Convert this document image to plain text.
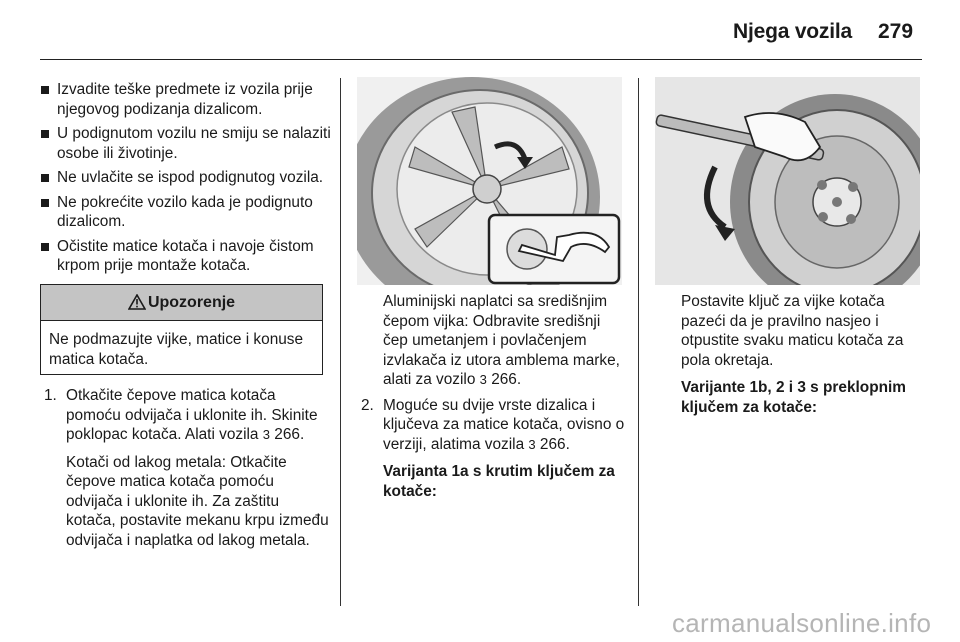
Njega vozila 279
Izvadite teške predmete iz vozila prije njegovog podizanja dizalicom.
U podignutom vozilu ne smiju se nalaziti osobe ili životinje.
Ne uvlačite se ispod podignutog vozila.
Ne pokrećite vozilo kada je podignuto dizalicom.
Očistite matice kotača i navoje čistom krpom prije montaže kotača.
Upozorenje
Ne podmazujte vijke, matice i konuse matica kotača.
1. Otkačite čepove matica kotača pomoću odvijača i uklonite ih. Skinite poklopac kotača. Alati vozila 3 266.

Kotači od lakog metala: Otkačite čepove matica kotača pomoću odvijača i uklonite ih. Za zaštitu kotača, postavite mekanu krpu između odvijača i naplatka od lakog metala.

Aluminijski naplatci sa središnjim čepom vijka: Odbravite središnji čep umetanjem i povlačenjem izvlakača iz utora amblema marke, alati za vozilo 3 266.

2. Moguće su dvije vrste dizalica i ključeva za matice kotača, ovisno o verziji, alatima vozila 3 266.

Varijanta 1a s krutim ključem za kotače:

Postavite ključ za vijke kotača pazeći da je pravilno nasjeo i otpustite svaku maticu kotača za pola okretaja.

Varijante 1b, 2 i 3 s preklopnim ključem za kotače:

carmanualsonline.info
